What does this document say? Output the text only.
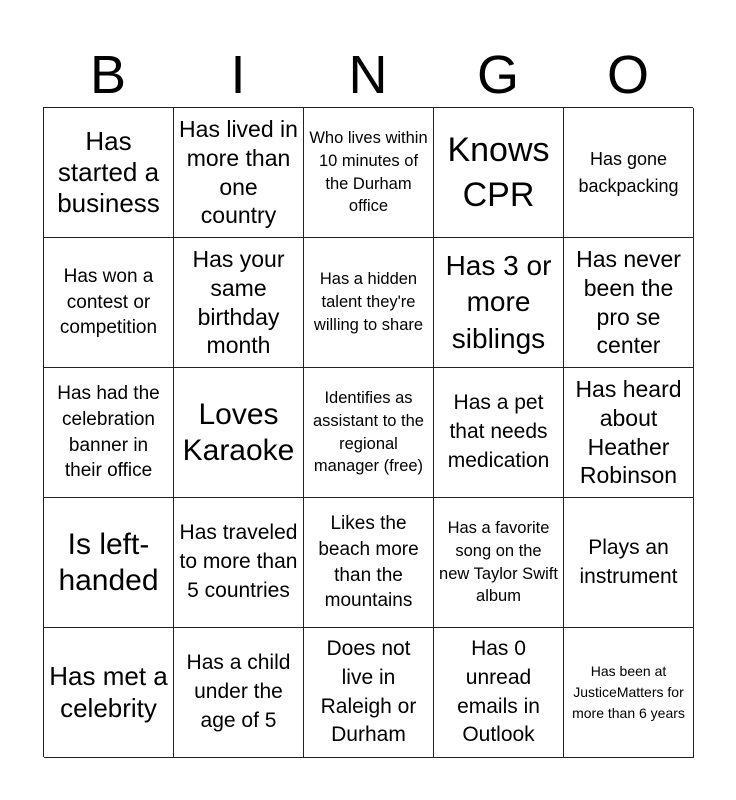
B	I	N	G	O
Has started a business
Has lived in more than one country
Who lives within 10 minutes of the Durham office
Knows CPR
Has gone backpacking
Has won a contest or competition
Has your same birthday month
Has a hidden talent they're willing to share
Has 3 or more siblings
Has never been the pro se center
Has had the celebration banner in their office
Loves Karaoke
Identifies as assistant to the regional manager (free)
Has a pet that needs medication
Has heard about Heather Robinson
Is left-handed
Has traveled to more than 5 countries
Likes the beach more than the mountains
Has a favorite song on the new Taylor Swift album
Plays an instrument
Has met a celebrity
Has a child under the age of 5
Does not live in Raleigh or Durham
Has 0 unread emails in Outlook
Has been at JusticeMatters for more than 6 years
